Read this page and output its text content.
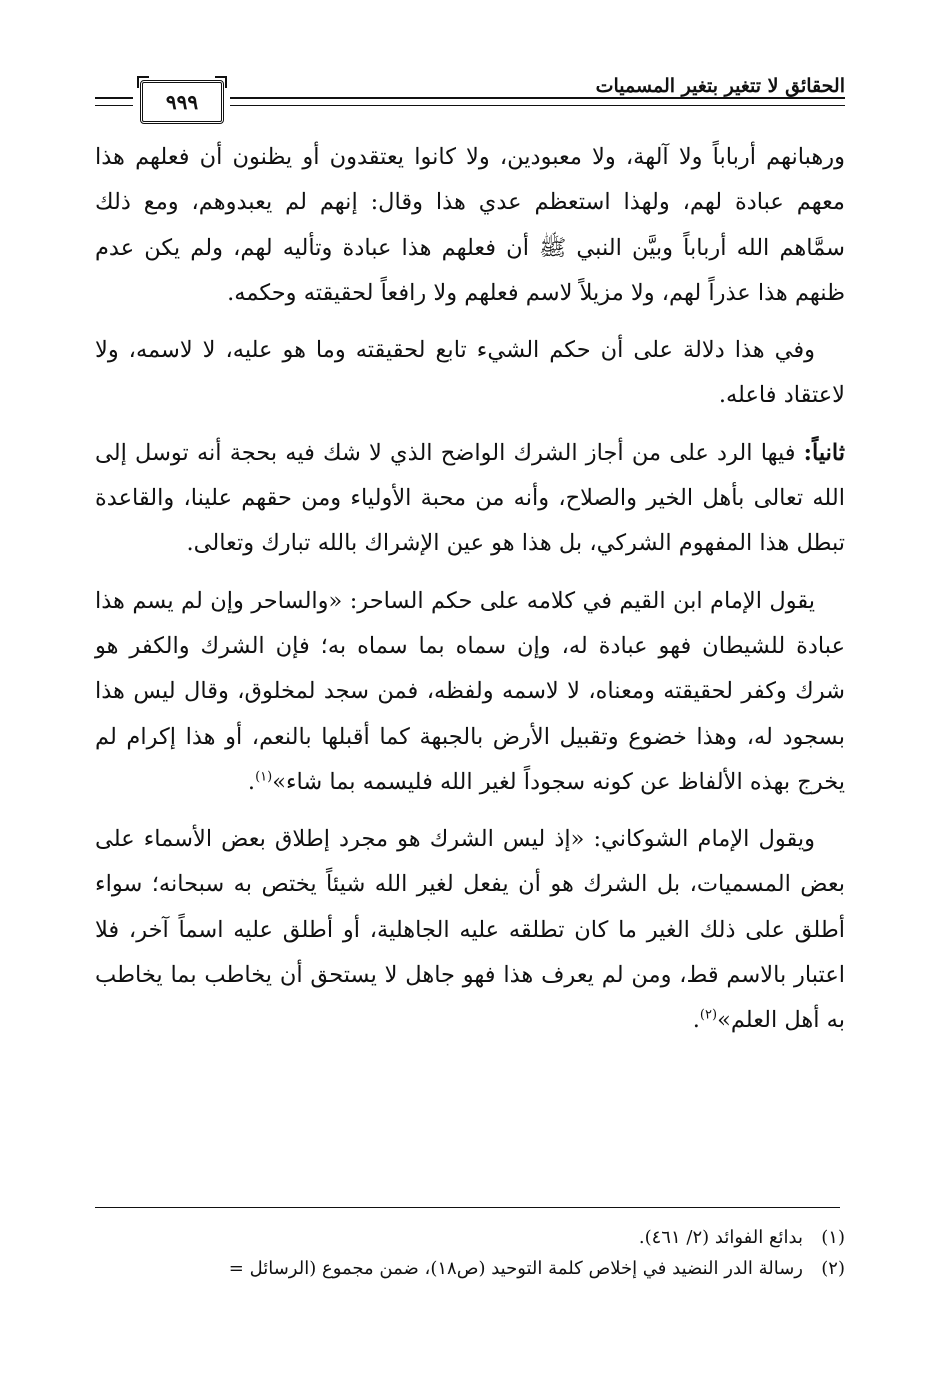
الحقائق لا تتغير بتغير المسميات
٩٩٩

ورهبانهم أرباباً ولا آلهة، ولا معبودين، ولا كانوا يعتقدون أو يظنون أن فعلهم هذا معهم عبادة لهم، ولهذا استعظم عدي هذا وقال: إنهم لم يعبدوهم، ومع ذلك سمَّاهم الله أرباباً وبيَّن النبي ﷺ أن فعلهم هذا عبادة وتأليه لهم، ولم يكن عدم ظنهم هذا عذراً لهم، ولا مزيلاً لاسم فعلهم ولا رافعاً لحقيقته وحكمه.

وفي هذا دلالة على أن حكم الشيء تابع لحقيقته وما هو عليه، لا لاسمه، ولا لاعتقاد فاعله.

ثانياً: فيها الرد على من أجاز الشرك الواضح الذي لا شك فيه بحجة أنه توسل إلى الله تعالى بأهل الخير والصلاح، وأنه من محبة الأولياء ومن حقهم علينا، والقاعدة تبطل هذا المفهوم الشركي، بل هذا هو عين الإشراك بالله تبارك وتعالى.

يقول الإمام ابن القيم في كلامه على حكم الساحر: «والساحر وإن لم يسم هذا عبادة للشيطان فهو عبادة له، وإن سماه بما سماه به؛ فإن الشرك والكفر هو شرك وكفر لحقيقته ومعناه، لا لاسمه ولفظه، فمن سجد لمخلوق، وقال ليس هذا بسجود له، وهذا خضوع وتقبيل الأرض بالجبهة كما أقبلها بالنعم، أو هذا إكرام لم يخرج بهذه الألفاظ عن كونه سجوداً لغير الله فليسمه بما شاء»$^{(١)}$.

ويقول الإمام الشوكاني: «إذ ليس الشرك هو مجرد إطلاق بعض الأسماء على بعض المسميات، بل الشرك هو أن يفعل لغير الله شيئاً يختص به سبحانه؛ سواء أطلق على ذلك الغير ما كان تطلقه عليه الجاهلية، أو أطلق عليه اسماً آخر، فلا اعتبار بالاسم قط، ومن لم يعرف هذا فهو جاهل لا يستحق أن يخاطب بما يخاطب به أهل العلم»$^{(٢)}$.

(١)بدائع الفوائد (٢/ ٤٦١).
(٢)رسالة الدر النضيد في إخلاص كلمة التوحيد (ص١٨)، ضمن مجموع (الرسائل =
